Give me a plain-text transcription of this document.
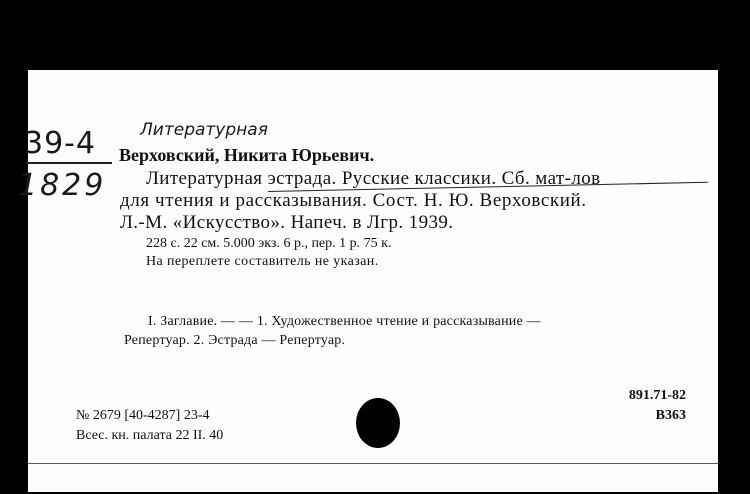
39-4
1829
Литературная
Верховский, Никита Юрьевич.
Литературная эстрада. Русские классики. Сб. мат-лов
для чтения и рассказывания. Сост. Н. Ю. Верховский.
Л.-М. «Искусство». Напеч. в Лгр. 1939.
228 с. 22 см. 5.000 экз. 6 р., пер. 1 р. 75 к.
На переплете составитель не указан.
I. Заглавие. — — 1. Художественное чтение и рассказывание —
Репертуар. 2. Эстрада — Репертуар.
891.71-82
В363
№ 2679 [40-4287] 23-4
Всес. кн. палата 22 II. 40
